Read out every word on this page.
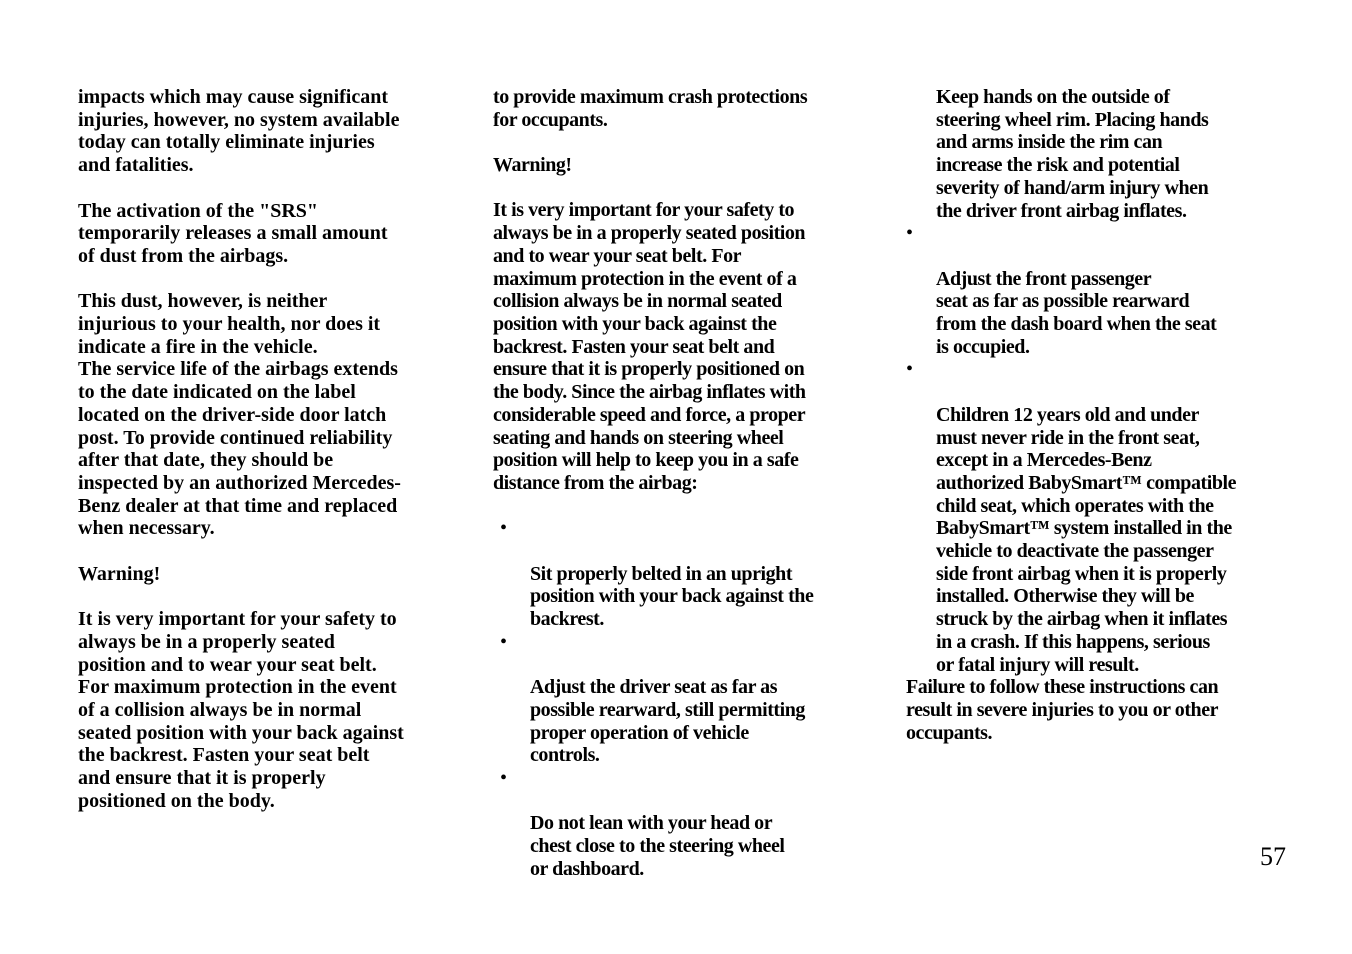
impacts which may cause significant
injuries, however, no system available
today can totally eliminate injuries
and fatalities.

The activation of the "SRS"
temporarily releases a small amount
of dust from the airbags.

This dust, however, is neither
injurious to your health, nor does it
indicate a fire in the vehicle.
The service life of the airbags extends
to the date indicated on the label
located on the driver-side door latch
post. To provide continued reliability
after that date, they should be
inspected by an authorized Mercedes-
Benz dealer at that time and replaced
when necessary.

Warning!

It is very important for your safety to
always be in a properly seated
position and to wear your seat belt.
For maximum protection in the event
of a collision always be in normal
seated position with your back against
the backrest. Fasten your seat belt
and ensure that it is properly
positioned on the body.

to provide maximum crash protections
for occupants.

Warning!

It is very important for your safety to
always be in a properly seated position
and to wear your seat belt. For
maximum protection in the event of a
collision always be in normal seated
position with your back against the
backrest. Fasten your seat belt and
ensure that it is properly positioned on
the body. Since the airbag inflates with
considerable speed and force, a proper
seating and hands on steering wheel
position will help to keep you in a safe
distance from the airbag:

•

Sit properly belted in an upright
position with your back against the
backrest.

•

Adjust the driver seat as far as
possible rearward, still permitting
proper operation of vehicle
controls.

•

Do not lean with your head or
chest close to the steering wheel
or dashboard.

Keep hands on the outside of
steering wheel rim. Placing hands
and arms inside the rim can
increase the risk and potential
severity of hand/arm injury when
the driver front airbag inflates.

•

Adjust the front passenger
seat as far as possible rearward
from the dash board when the seat
is occupied.

•

Children 12 years old and under
must never ride in the front seat,
except in a Mercedes-Benz
authorized BabySmart™ compatible
child seat, which operates with the
BabySmart™ system installed in the
vehicle to deactivate the passenger
side front airbag when it is properly
installed. Otherwise they will be
struck by the airbag when it inflates
in a crash. If this happens, serious
or fatal injury will result.

Failure to follow these instructions can
result in severe injuries to you or other
occupants.

57
